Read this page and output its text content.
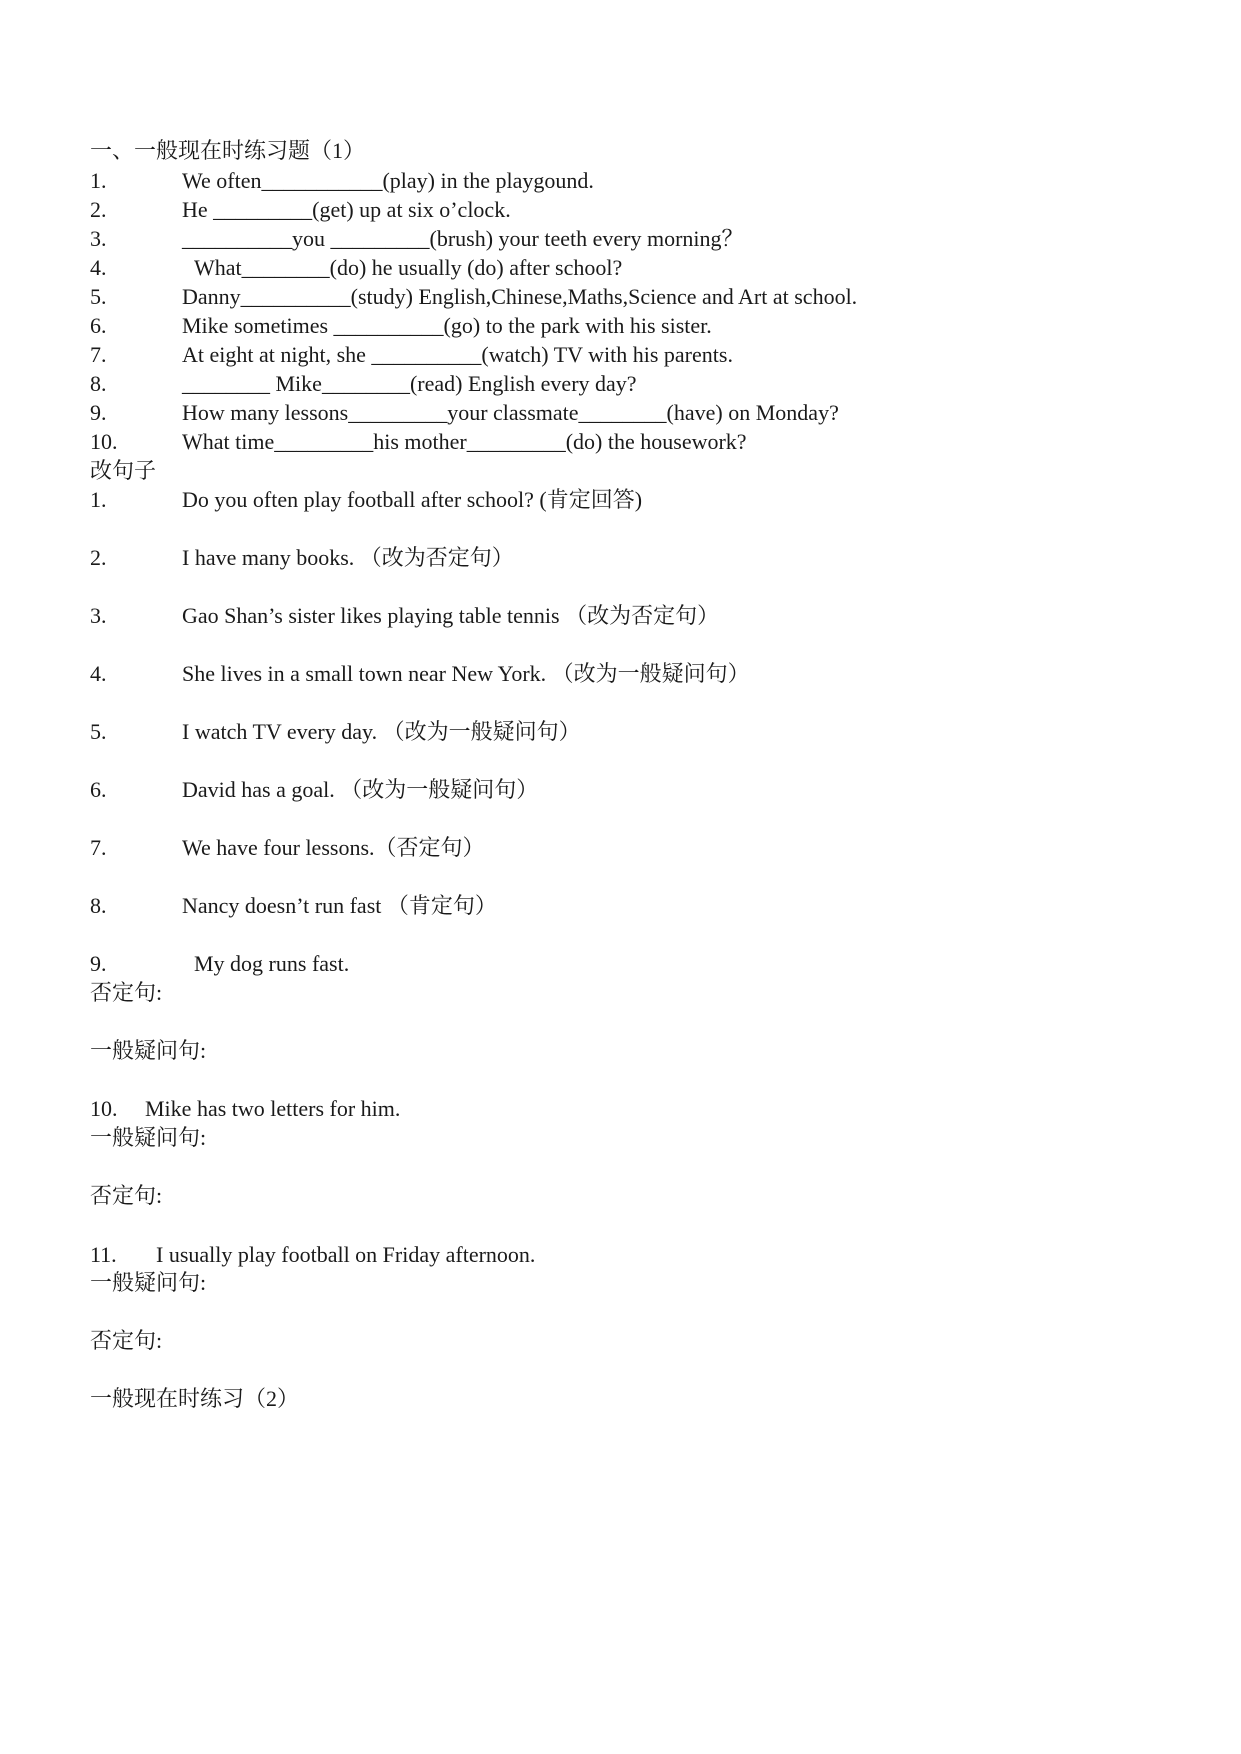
一、一般现在时练习题（1）
1.	We often___________(play) in the playgound.
2.	He _________(get) up at six o’clock.
3.	__________you _________(brush) your teeth every morning？
4.	What________(do) he usually (do) after school?
5.	Danny__________(study) English,Chinese,Maths,Science and Art at school.
6.	Mike sometimes __________(go) to the park with his sister.
7.	At eight at night, she __________(watch) TV with his parents.
8.	________ Mike________(read) English every day?
9.	How many lessons_________your classmate________(have) on Monday?
10.	What time_________his mother_________(do) the housework?
改句子
1.	Do you often play football after school? (肯定回答)
2.	I have many books. （改为否定句）
3.	Gao Shan’s sister likes playing table tennis （改为否定句）
4.	She lives in a small town near New York. （改为一般疑问句）
5.	I watch TV every day. （改为一般疑问句）
6.	David has a goal. （改为一般疑问句）
7.	We have four lessons.（否定句）
8.	Nancy doesn’t run fast （肯定句）
9.	My dog runs fast.
否定句:
一般疑问句:
10. Mike has two letters for him.
一般疑问句:
否定句:
11. I usually play football on Friday afternoon.
一般疑问句:
否定句:
一般现在时练习（2）
